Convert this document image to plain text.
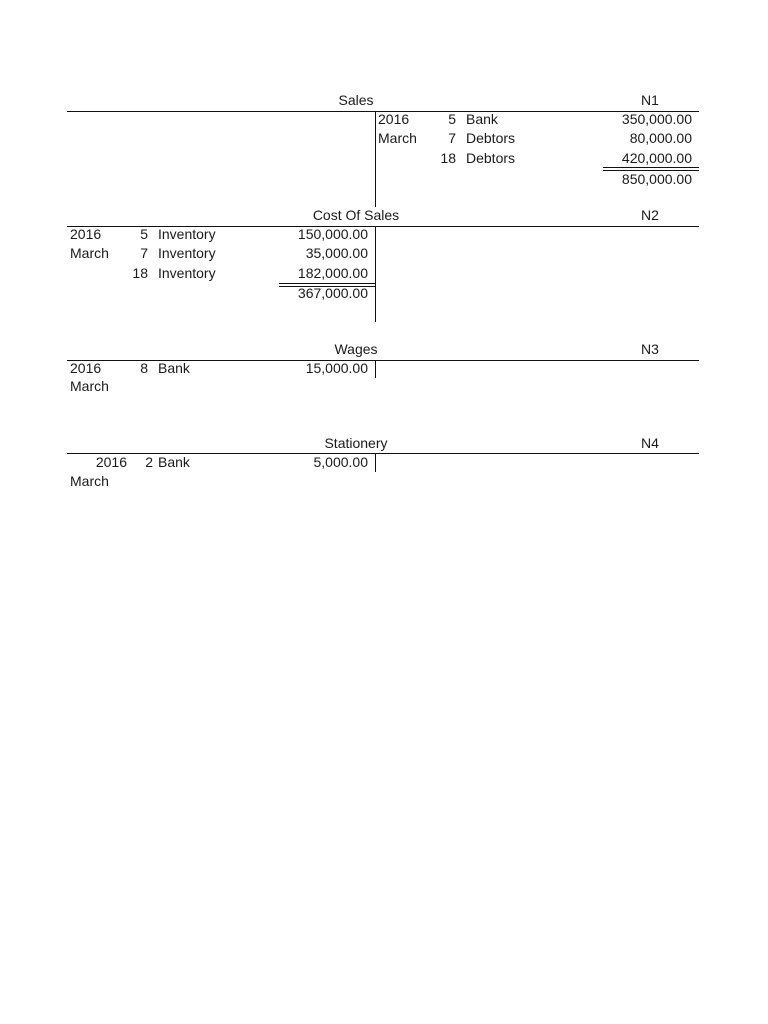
Sales	N1
2016	5 Bank	350,000.00
March	7 Debtors	80,000.00
18 Debtors	420,000.00
850,000.00
Cost Of Sales	N2
2016	5 Inventory	150,000.00
March	7 Inventory	35,000.00
18 Inventory	182,000.00
367,000.00
Wages	N3
2016	8 Bank	15,000.00
March
Stationery	N4
2016	2 Bank	5,000.00
March
